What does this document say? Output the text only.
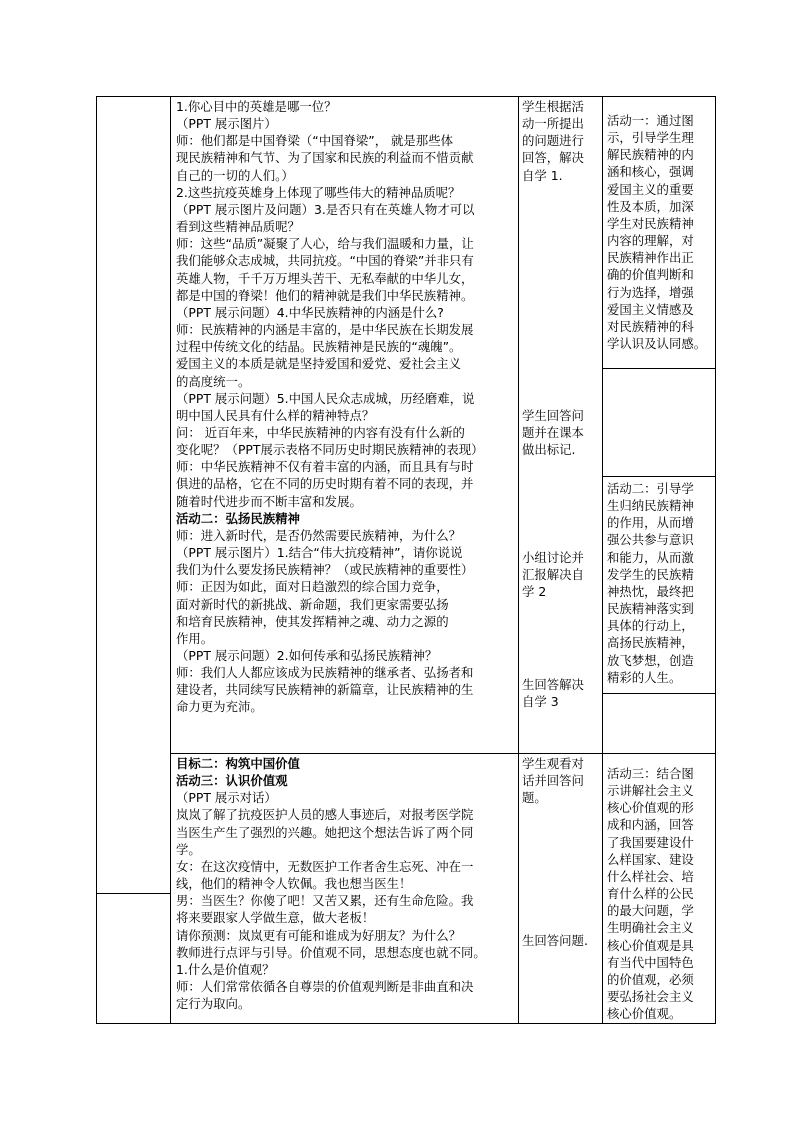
1.你心目中的英雄是哪一位？

（PPT 展示图片）

师：他们都是中国脊梁（“中国脊梁”， 就是那些体

现民族精神和气节、为了国家和民族的利益而不惜贡献

自己的一切的人们。）

2.这些抗疫英雄身上体现了哪些伟大的精神品质呢？

（PPT 展示图片及问题）3.是否只有在英雄人物才可以

看到这些精神品质呢？

师：这些“品质”凝聚了人心，给与我们温暖和力量，让

我们能够众志成城，共同抗疫。“中国的脊梁”并非只有

英雄人物，千千万万埋头苦干、无私奉献的中华儿女，

都是中国的脊梁！他们的精神就是我们中华民族精神。

（PPT 展示问题）4.中华民族精神的内涵是什么?

师：民族精神的内涵是丰富的，是中华民族在长期发展

过程中传统文化的结晶。民族精神是民族的“魂魄”。

爱国主义的本质是就是坚持爱国和爱党、爱社会主义

的高度统一。

（PPT 展示问题）5.中国人民众志成城，历经磨难，说

明中国人民具有什么样的精神特点？

问： 近百年来，中华民族精神的内容有没有什么新的

变化呢？（PPT展示表格不同历史时期民族精神的表现）

师：中华民族精神不仅有着丰富的内涵，而且具有与时

俱进的品格，它在不同的历史时期有着不同的表现，并

随着时代进步而不断丰富和发展。

活动二：弘扬民族精神

师：进入新时代，是否仍然需要民族精神，为什么？

（PPT 展示图片）1.结合“伟大抗疫精神”，请你说说

我们为什么要发扬民族精神？（或民族精神的重要性）

师：正因为如此，面对日趋激烈的综合国力竞争，

面对新时代的新挑战、新命题，我们更家需要弘扬

和培育民族精神，使其发挥精神之魂、动力之源的

作用。

（PPT 展示问题）2.如何传承和弘扬民族精神？

师：我们人人都应该成为民族精神的继承者、弘扬者和

建设者，共同续写民族精神的新篇章，让民族精神的生

命力更为充沛。

目标二：构筑中国价值

活动三：认识价值观

（PPT 展示对话）

岚岚了解了抗疫医护人员的感人事迹后，对报考医学院

当医生产生了强烈的兴趣。她把这个想法告诉了两个同

学。

女：在这次疫情中，无数医护工作者舍生忘死、冲在一

线，他们的精神令人钦佩。我也想当医生！

男：当医生？你傻了吧！又苦又累，还有生命危险。我

将来要跟家人学做生意，做大老板！

请你预测：岚岚更有可能和谁成为好朋友？为什么？

教师进行点评与引导。价值观不同，思想态度也就不同。

1.什么是价值观？

师：人们常常依循各自尊崇的价值观判断是非曲直和决

定行为取向。

学生根据活

动一所提出

的问题进行

回答，解决

自学 1.

学生回答问

题并在课本

做出标记.

小组讨论并

汇报解决自

学 2

生回答解决

自学 3

学生观看对

话并回答问

题。

生回答问题.

活动一：通过图

示，引导学生理

解民族精神的内

涵和核心，强调

爱国主义的重要

性及本质，加深

学生对民族精神

内容的理解，对

民族精神作出正

确的价值判断和

行为选择，增强

爱国主义情感及

对民族精神的科

学认识及认同感。

活动二：引导学

生归纳民族精神

的作用，从而增

强公共参与意识

和能力，从而激

发学生的民族精

神热忱，最终把

民族精神落实到

具体的行动上，

高扬民族精神，

放飞梦想，创造

精彩的人生。

活动三：结合图

示讲解社会主义

核心价值观的形

成和内涵，回答

了我国要建设什

么样国家、建设

什么样社会、培

育什么样的公民

的最大问题，学

生明确社会主义

核心价值观是具

有当代中国特色

的价值观，必须

要弘扬社会主义

核心价值观。
